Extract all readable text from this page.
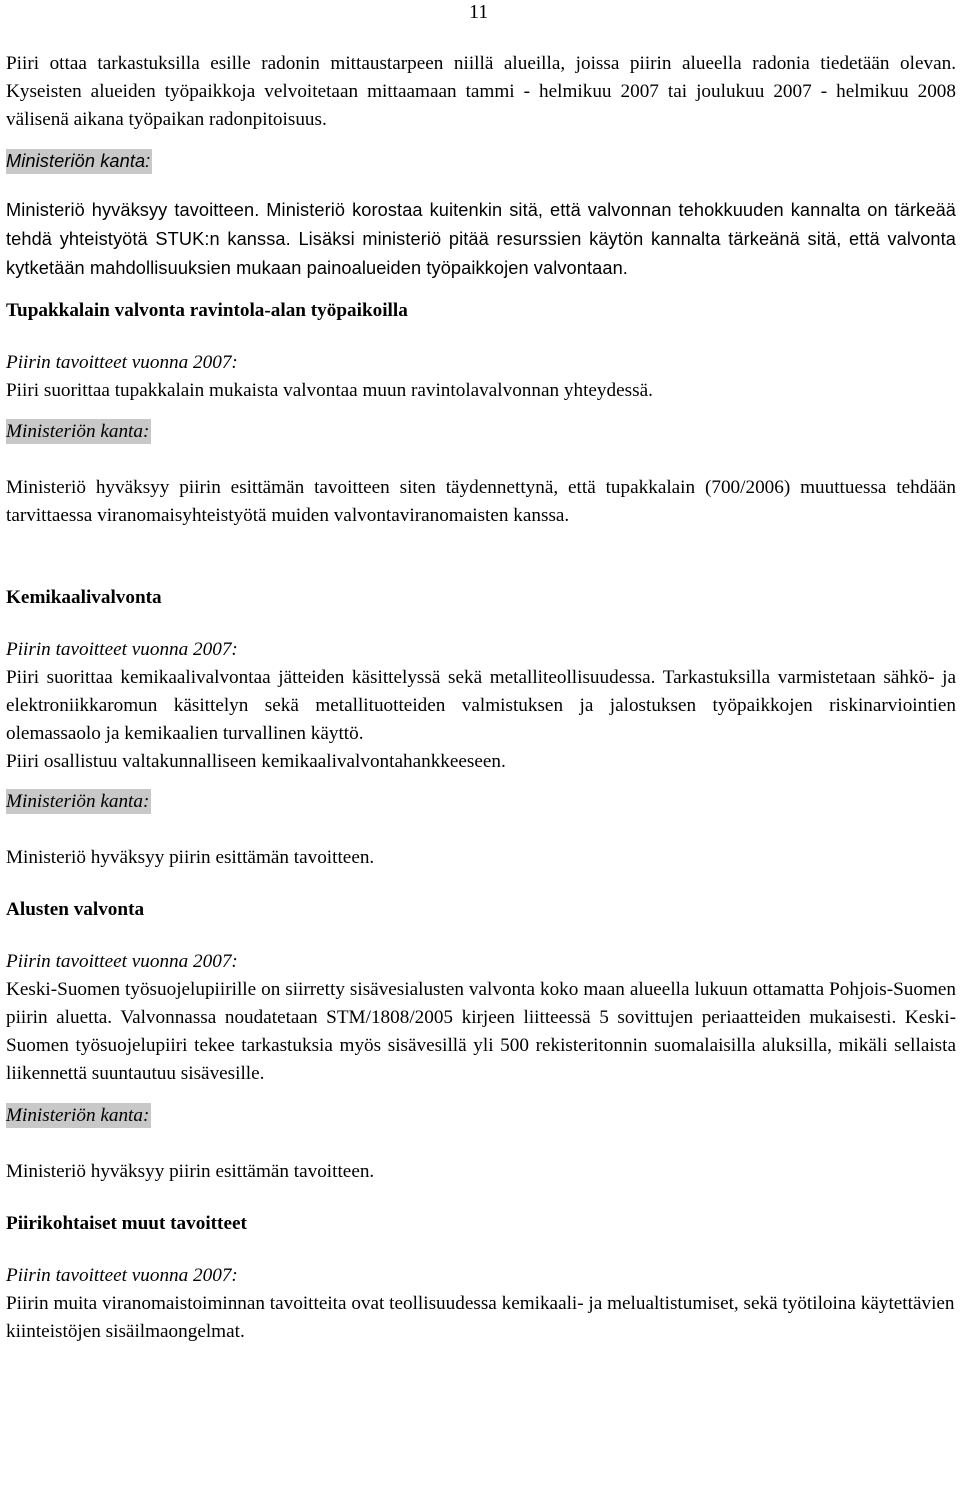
11

Piiri ottaa tarkastuksilla esille radonin mittaustarpeen niillä alueilla, joissa piirin alueella radonia tiedetään olevan. Kyseisten alueiden työpaikkoja velvoitetaan mittaamaan tammi - helmikuu 2007 tai joulukuu 2007 - helmikuu 2008 välisenä aikana työpaikan radonpitoisuus.

Ministeriön kanta:

Ministeriö hyväksyy tavoitteen. Ministeriö korostaa kuitenkin sitä, että valvonnan tehokkuuden kannalta on tärkeää tehdä yhteistyötä STUK:n kanssa. Lisäksi ministeriö pitää resurssien käytön kannalta tärkeänä sitä, että valvonta kytketään mahdollisuuksien mukaan painoalueiden työpaikkojen valvontaan.

Tupakkalain valvonta ravintola-alan työpaikoilla

Piirin tavoitteet vuonna 2007:

Piiri suorittaa tupakkalain mukaista valvontaa muun ravintolavalvonnan yhteydessä.

Ministeriön kanta:

Ministeriö hyväksyy piirin esittämän tavoitteen siten täydennettynä, että tupakkalain (700/2006) muuttuessa tehdään tarvittaessa viranomaisyhteistyötä muiden valvontaviranomaisten kanssa.

Kemikaalivalvonta

Piirin tavoitteet vuonna 2007:

Piiri suorittaa kemikaalivalvontaa jätteiden käsittelyssä sekä metalliteollisuudessa. Tarkastuksilla varmistetaan sähkö- ja elektroniikkaromun käsittelyn sekä metallituotteiden valmistuksen ja jalostuksen työpaikkojen riskinarviointien olemassaolo ja kemikaalien turvallinen käyttö.

Piiri osallistuu valtakunnalliseen kemikaalivalvontahankkeeseen.

Ministeriön kanta:

Ministeriö hyväksyy piirin esittämän tavoitteen.

Alusten valvonta

Piirin tavoitteet vuonna 2007:

Keski-Suomen työsuojelupiirille on siirretty sisävesialusten valvonta koko maan alueella lukuun ottamatta Pohjois-Suomen piirin aluetta. Valvonnassa noudatetaan STM/1808/2005 kirjeen liitteessä 5 sovittujen periaatteiden mukaisesti. Keski-Suomen työsuojelupiiri tekee tarkastuksia myös sisävesillä yli 500 rekisteritonnin suomalaisilla aluksilla, mikäli sellaista liikennettä suuntautuu sisävesille.

Ministeriön kanta:

Ministeriö hyväksyy piirin esittämän tavoitteen.

Piirikohtaiset muut tavoitteet

Piirin tavoitteet vuonna 2007:

Piirin muita viranomaistoiminnan tavoitteita ovat teollisuudessa kemikaali- ja melualtistumiset, sekä työtiloina käytettävien kiinteistöjen sisäilmaongelmat.
